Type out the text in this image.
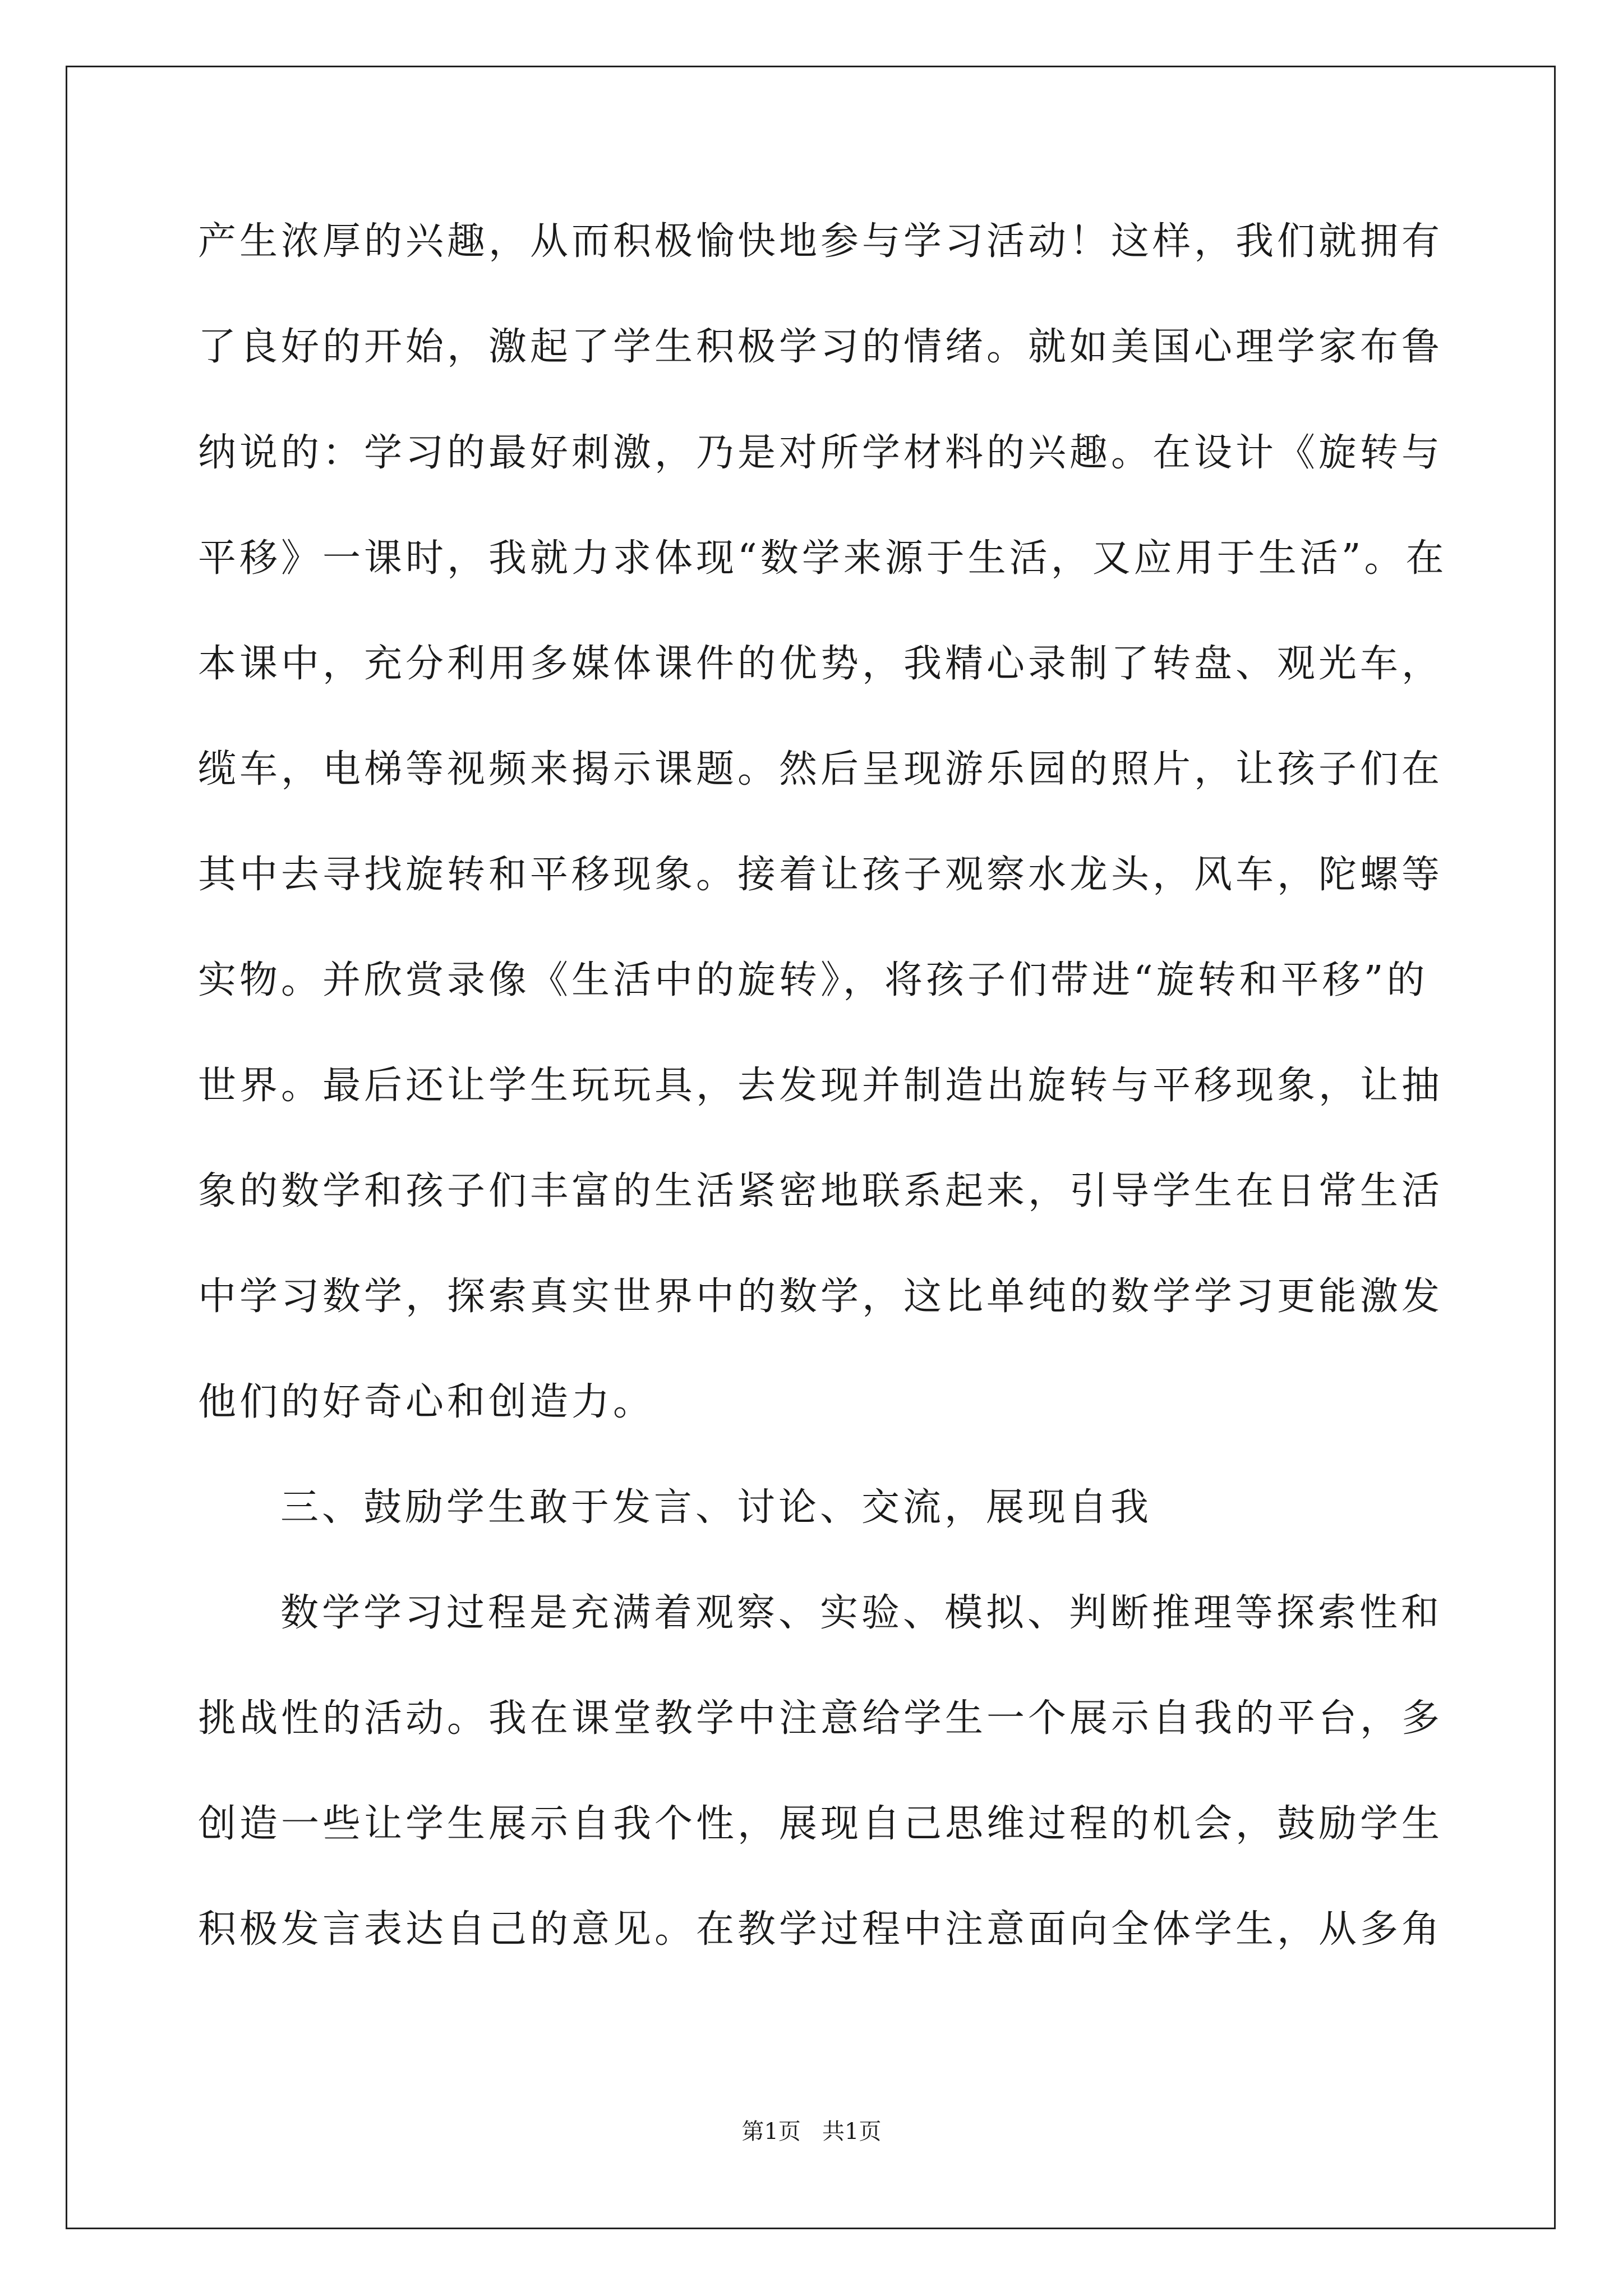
产生浓厚的兴趣，从而积极愉快地参与学习活动！这样，我们就拥有
了良好的开始，激起了学生积极学习的情绪。就如美国心理学家布鲁
纳说的：学习的最好刺激，乃是对所学材料的兴趣。在设计《旋转与
平移》一课时，我就力求体现“数学来源于生活，又应用于生活”。在
本课中，充分利用多媒体课件的优势，我精心录制了转盘、观光车，
缆车，电梯等视频来揭示课题。然后呈现游乐园的照片，让孩子们在
其中去寻找旋转和平移现象。接着让孩子观察水龙头，风车，陀螺等
实物。并欣赏录像《生活中的旋转》，将孩子们带进“旋转和平移”的
世界。最后还让学生玩玩具，去发现并制造出旋转与平移现象，让抽
象的数学和孩子们丰富的生活紧密地联系起来，引导学生在日常生活
中学习数学，探索真实世界中的数学，这比单纯的数学学习更能激发
他们的好奇心和创造力。
三、鼓励学生敢于发言、讨论、交流，展现自我
数学学习过程是充满着观察、实验、模拟、判断推理等探索性和
挑战性的活动。我在课堂教学中注意给学生一个展示自我的平台，多
创造一些让学生展示自我个性，展现自己思维过程的机会，鼓励学生
积极发言表达自己的意见。在教学过程中注意面向全体学生，从多角
第1页   共1页
